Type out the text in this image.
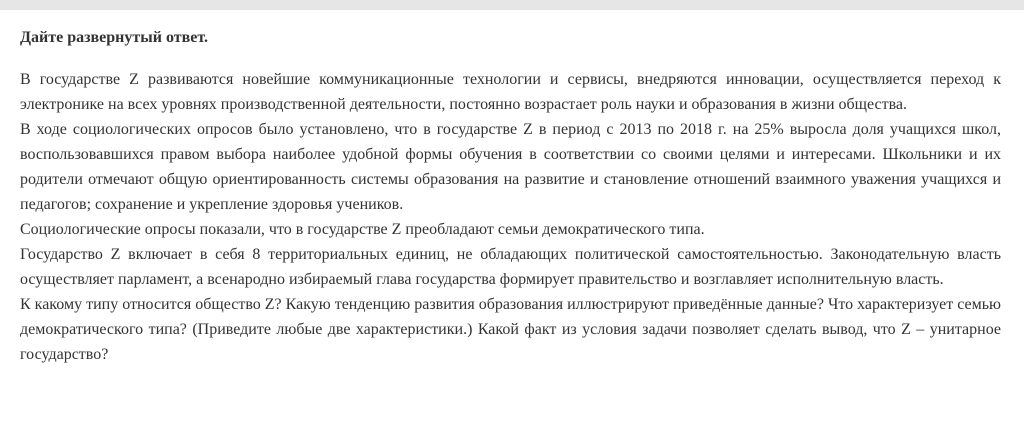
Дайте развернутый ответ.

В государстве Z развиваются новейшие коммуникационные технологии и сервисы, внедряются инновации, осуществляется переход к электронике на всех уровнях производственной деятельности, постоянно возрастает роль науки и образования в жизни общества.

В ходе социологических опросов было установлено, что в государстве Z в период с 2013 по 2018 г. на 25% выросла доля учащихся школ, воспользовавшихся правом выбора наиболее удобной формы обучения в соответствии со своими целями и интересами. Школьники и их родители отмечают общую ориентированность системы образования на развитие и становление отношений взаимного уважения учащихся и педагогов; сохранение и укрепление здоровья учеников.

Социологические опросы показали, что в государстве Z преобладают семьи демократического типа.

Государство Z включает в себя 8 территориальных единиц, не обладающих политической самостоятельностью. Законодательную власть осуществляет парламент, а всенародно избираемый глава государства формирует правительство и возглавляет исполнительную власть.

К какому типу относится общество Z? Какую тенденцию развития образования иллюстрируют приведённые данные? Что характеризует семью демократического типа? (Приведите любые две характеристики.) Какой факт из условия задачи позволяет сделать вывод, что Z – унитарное государство?
